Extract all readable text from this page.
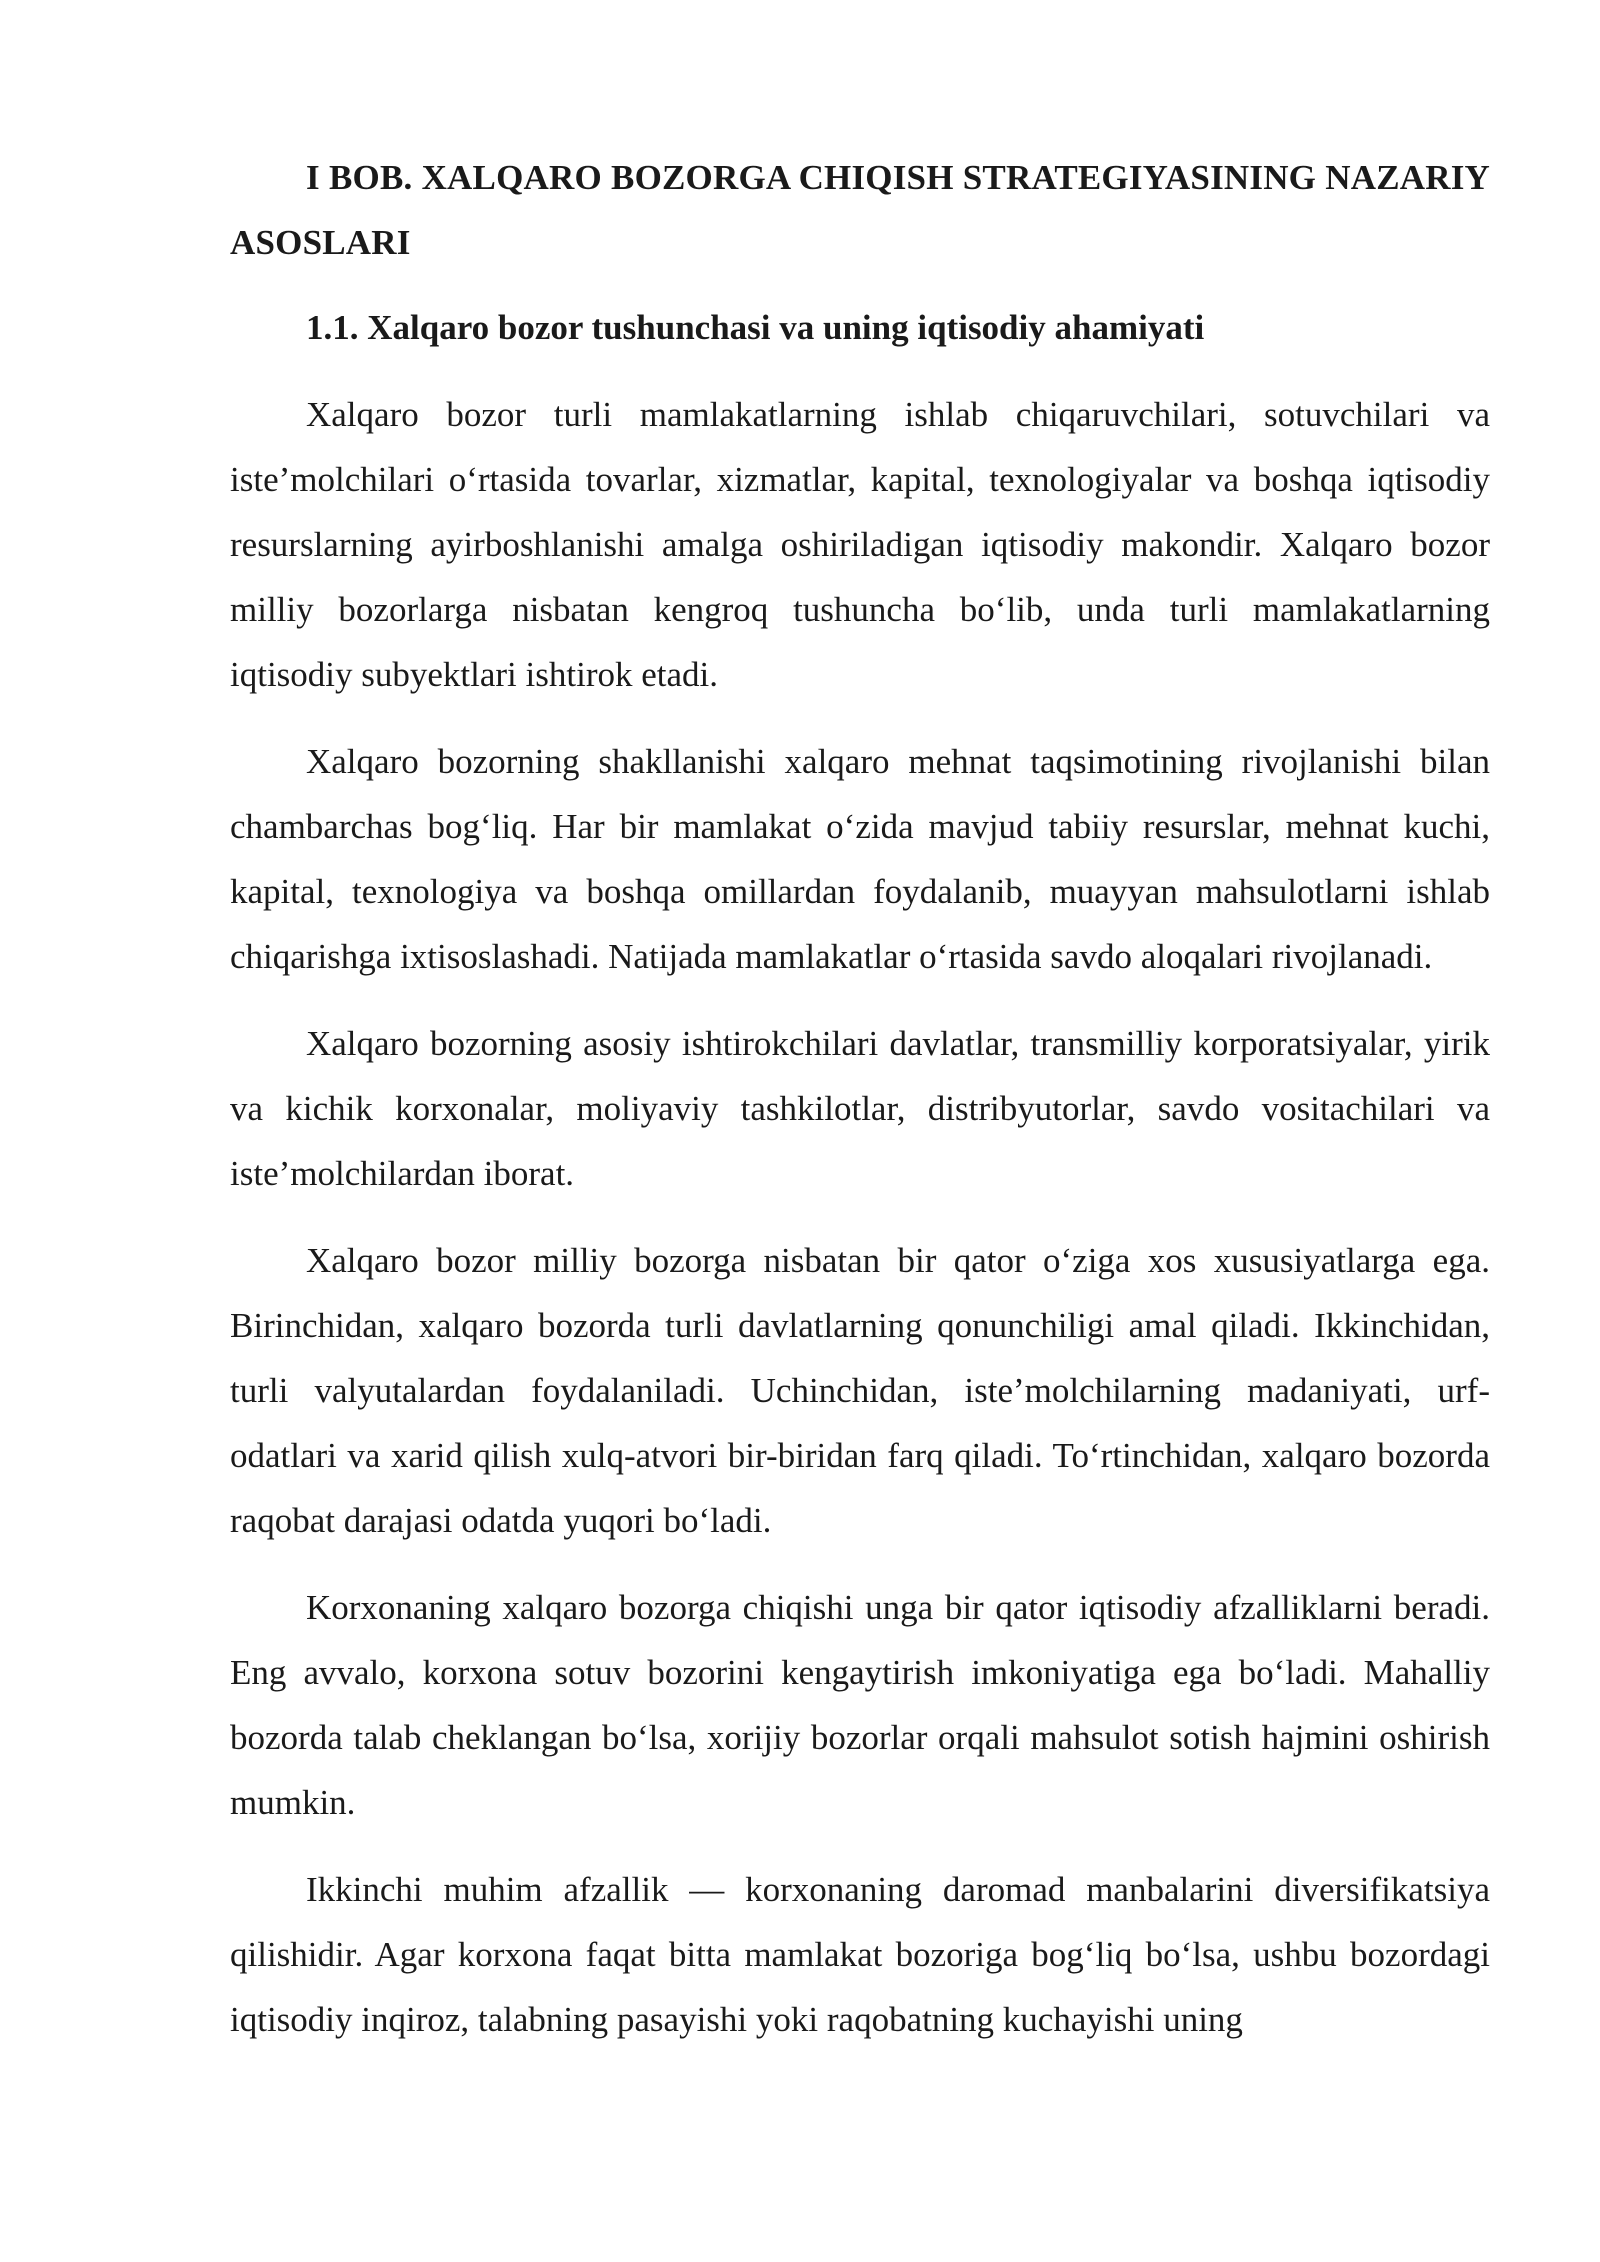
I BOB. XALQARO BOZORGA CHIQISH STRATEGIYASINING NAZARIY ASOSLARI
1.1. Xalqaro bozor tushunchasi va uning iqtisodiy ahamiyati

Xalqaro bozor turli mamlakatlarning ishlab chiqaruvchilari, sotuvchilari va iste’molchilari o‘rtasida tovarlar, xizmatlar, kapital, texnologiyalar va boshqa iqtisodiy resurslarning ayirboshlanishi amalga oshiriladigan iqtisodiy makondir. Xalqaro bozor milliy bozorlarga nisbatan kengroq tushuncha bo‘lib, unda turli mamlakatlarning iqtisodiy subyektlari ishtirok etadi.

Xalqaro bozorning shakllanishi xalqaro mehnat taqsimotining rivojlanishi bilan chambarchas bog‘liq. Har bir mamlakat o‘zida mavjud tabiiy resurslar, mehnat kuchi, kapital, texnologiya va boshqa omillardan foydalanib, muayyan mahsulotlarni ishlab chiqarishga ixtisoslashadi. Natijada mamlakatlar o‘rtasida savdo aloqalari rivojlanadi.

Xalqaro bozorning asosiy ishtirokchilari davlatlar, transmilliy korporatsiyalar, yirik va kichik korxonalar, moliyaviy tashkilotlar, distribyutorlar, savdo vositachilari va iste’molchilardan iborat.

Xalqaro bozor milliy bozorga nisbatan bir qator o‘ziga xos xususiyatlarga ega. Birinchidan, xalqaro bozorda turli davlatlarning qonunchiligi amal qiladi. Ikkinchidan, turli valyutalardan foydalaniladi. Uchinchidan, iste’molchilarning madaniyati, urf-odatlari va xarid qilish xulq-atvori bir-biridan farq qiladi. To‘rtinchidan, xalqaro bozorda raqobat darajasi odatda yuqori bo‘ladi.

Korxonaning xalqaro bozorga chiqishi unga bir qator iqtisodiy afzalliklarni beradi. Eng avvalo, korxona sotuv bozorini kengaytirish imkoniyatiga ega bo‘ladi. Mahalliy bozorda talab cheklangan bo‘lsa, xorijiy bozorlar orqali mahsulot sotish hajmini oshirish mumkin.

Ikkinchi muhim afzallik — korxonaning daromad manbalarini diversifikatsiya qilishidir. Agar korxona faqat bitta mamlakat bozoriga bog‘liq bo‘lsa, ushbu bozordagi iqtisodiy inqiroz, talabning pasayishi yoki raqobatning kuchayishi uning
